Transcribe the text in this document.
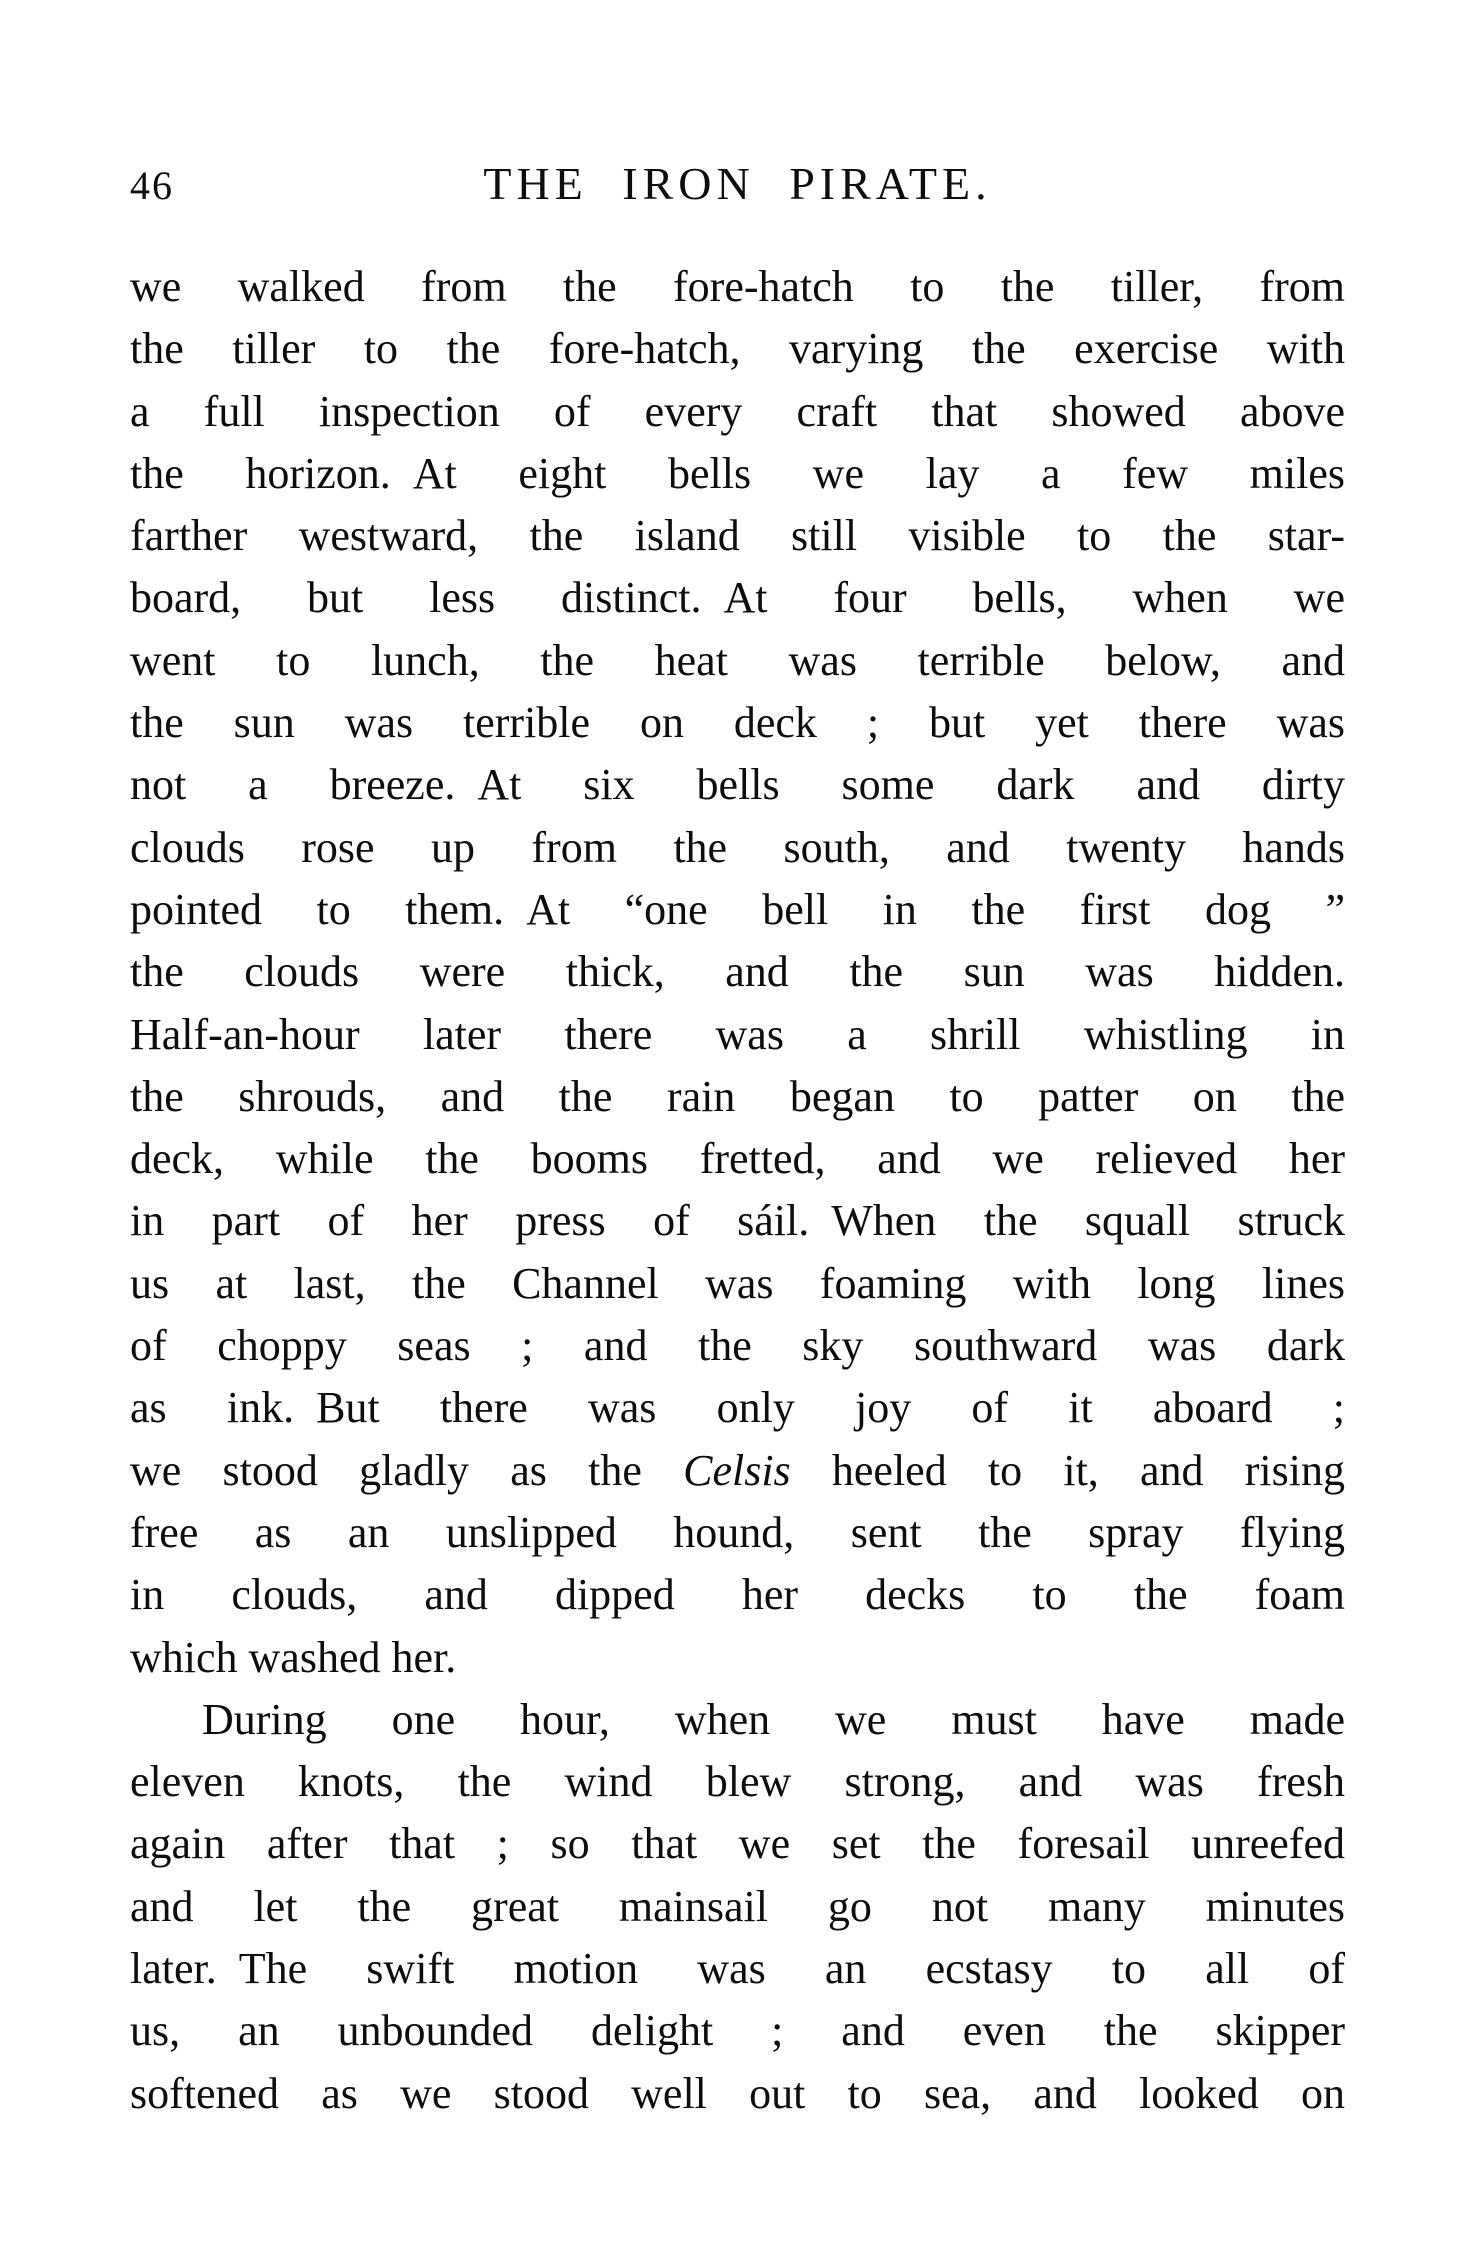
46	THE IRON PIRATE.
we walked from the fore-hatch to the tiller, from
the tiller to the fore-hatch, varying the exercise with
a full inspection of every craft that showed above
the horizon. At eight bells we lay a few miles
farther westward, the island still visible to the star-
board, but less distinct. At four bells, when we
went to lunch, the heat was terrible below, and
the sun was terrible on deck ; but yet there was
not a breeze. At six bells some dark and dirty
clouds rose up from the south, and twenty hands
pointed to them. At “one bell in the first dog ”
the clouds were thick, and the sun was hidden.
Half-an-hour later there was a shrill whistling in
the shrouds, and the rain began to patter on the
deck, while the booms fretted, and we relieved her
in part of her press of sáil. When the squall struck
us at last, the Channel was foaming with long lines
of choppy seas ; and the sky southward was dark
as ink. But there was only joy of it aboard ;
we stood gladly as the Celsis heeled to it, and rising
free as an unslipped hound, sent the spray flying
in clouds, and dipped her decks to the foam
which washed her.
During one hour, when we must have made
eleven knots, the wind blew strong, and was fresh
again after that ; so that we set the foresail unreefed
and let the great mainsail go not many minutes
later. The swift motion was an ecstasy to all of
us, an unbounded delight ; and even the skipper
softened as we stood well out to sea, and looked on
